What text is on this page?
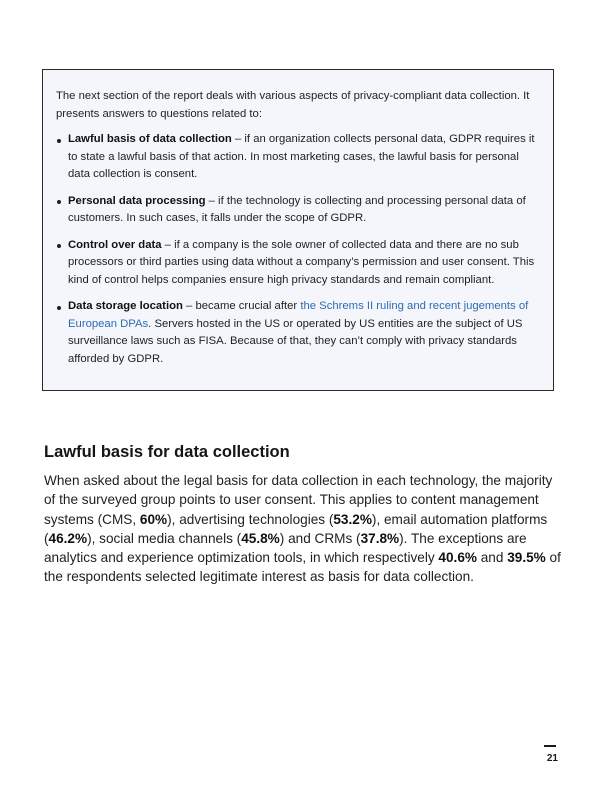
The next section of the report deals with various aspects of privacy-compliant data collection. It presents answers to questions related to:

Lawful basis of data collection – if an organization collects personal data, GDPR requires it to state a lawful basis of that action. In most marketing cases, the lawful basis for personal data collection is consent.
Personal data processing – if the technology is collecting and processing personal data of customers. In such cases, it falls under the scope of GDPR.
Control over data – if a company is the sole owner of collected data and there are no sub processors or third parties using data without a company’s permission and user consent. This kind of control helps companies ensure high privacy standards and remain compliant.
Data storage location – became crucial after the Schrems II ruling and recent jugements of European DPAs. Servers hosted in the US or operated by US entities are the subject of US surveillance laws such as FISA. Because of that, they can’t comply with privacy standards afforded by GDPR.
Lawful basis for data collection

When asked about the legal basis for data collection in each technology, the majority of the surveyed group points to user consent. This applies to content management systems (CMS, 60%), advertising technologies (53.2%), email automation platforms (46.2%), social media channels (45.8%) and CRMs (37.8%). The exceptions are analytics and experience optimization tools, in which respectively 40.6% and 39.5% of the respondents selected legitimate interest as basis for data collection.

21
